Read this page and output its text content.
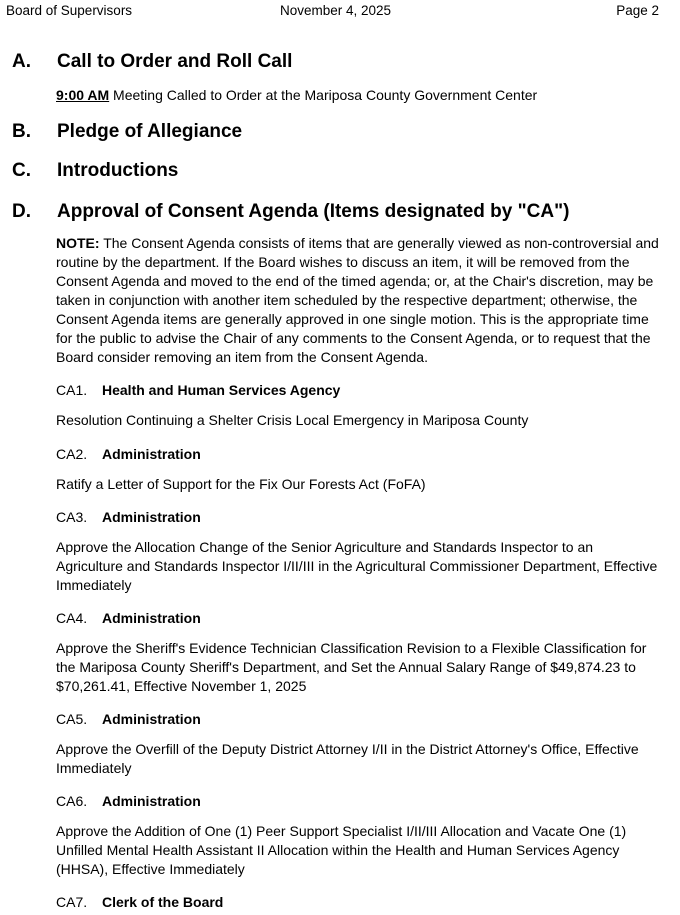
Board of Supervisors	November 4, 2025	Page 2
A. Call to Order and Roll Call
9:00 AM Meeting Called to Order at the Mariposa County Government Center
B. Pledge of Allegiance
C. Introductions
D. Approval of Consent Agenda (Items designated by "CA")
NOTE: The Consent Agenda consists of items that are generally viewed as non-controversial and routine by the department. If the Board wishes to discuss an item, it will be removed from the Consent Agenda and moved to the end of the timed agenda; or, at the Chair's discretion, may be taken in conjunction with another item scheduled by the respective department; otherwise, the Consent Agenda items are generally approved in one single motion. This is the appropriate time for the public to advise the Chair of any comments to the Consent Agenda, or to request that the Board consider removing an item from the Consent Agenda.
CA1. Health and Human Services Agency
Resolution Continuing a Shelter Crisis Local Emergency in Mariposa County
CA2. Administration
Ratify a Letter of Support for the Fix Our Forests Act (FoFA)
CA3. Administration
Approve the Allocation Change of the Senior Agriculture and Standards Inspector to an Agriculture and Standards Inspector I/II/III in the Agricultural Commissioner Department, Effective Immediately
CA4. Administration
Approve the Sheriff's Evidence Technician Classification Revision to a Flexible Classification for the Mariposa County Sheriff's Department, and Set the Annual Salary Range of $49,874.23 to $70,261.41, Effective November 1, 2025
CA5. Administration
Approve the Overfill of the Deputy District Attorney I/II in the District Attorney's Office, Effective Immediately
CA6. Administration
Approve the Addition of One (1) Peer Support Specialist I/II/III Allocation and Vacate One (1) Unfilled Mental Health Assistant II Allocation within the Health and Human Services Agency (HHSA), Effective Immediately
CA7. Clerk of the Board
